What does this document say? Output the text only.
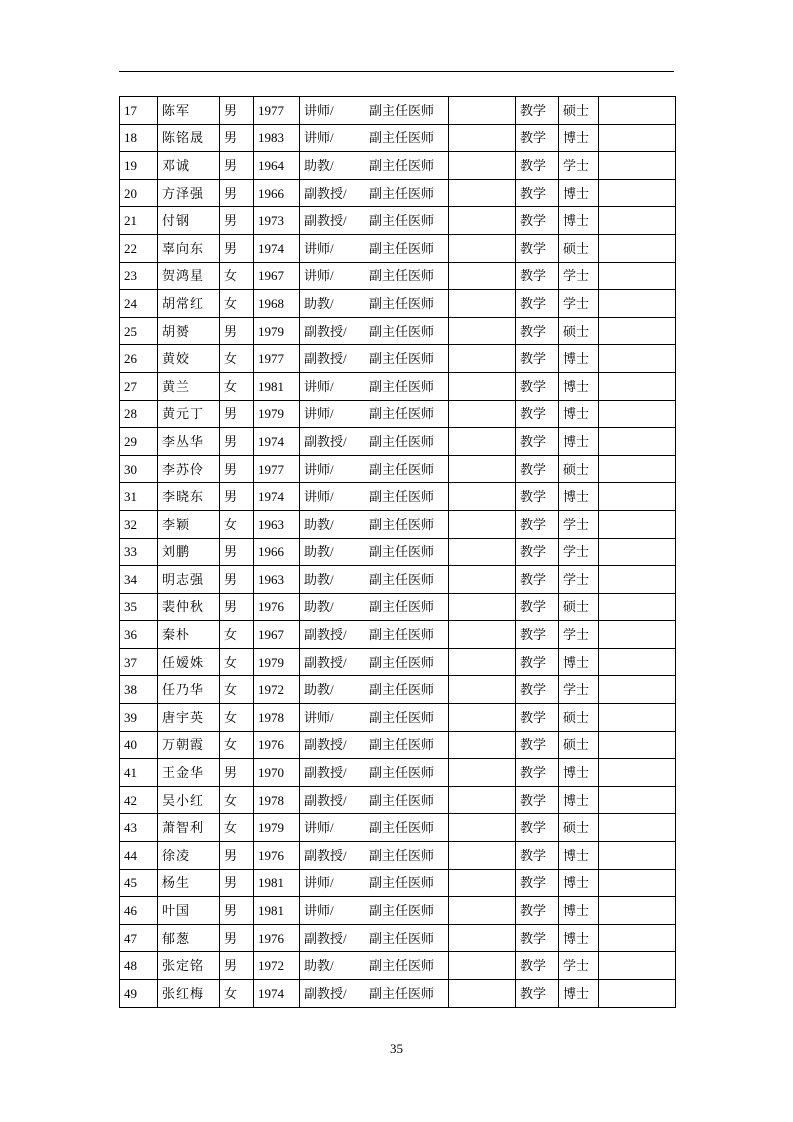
17	陈军	男	1977	讲师/ 副主任医师		教学	硕士	
18	陈铭晟	男	1983	讲师/ 副主任医师		教学	博士	
19	邓诚	男	1964	助教/ 副主任医师		教学	学士	
20	方泽强	男	1966	副教授/ 副主任医师		教学	博士	
21	付钢	男	1973	副教授/ 副主任医师		教学	博士	
22	辜向东	男	1974	讲师/ 副主任医师		教学	硕士	
23	贺鸿星	女	1967	讲师/ 副主任医师		教学	学士	
24	胡常红	女	1968	助教/ 副主任医师		教学	学士	
25	胡赟	男	1979	副教授/ 副主任医师		教学	硕士	
26	黄姣	女	1977	副教授/ 副主任医师		教学	博士	
27	黄兰	女	1981	讲师/ 副主任医师		教学	博士	
28	黄元丁	男	1979	讲师/ 副主任医师		教学	博士	
29	李丛华	男	1974	副教授/ 副主任医师		教学	博士	
30	李苏伶	男	1977	讲师/ 副主任医师		教学	硕士	
31	李晓东	男	1974	讲师/ 副主任医师		教学	博士	
32	李颖	女	1963	助教/ 副主任医师		教学	学士	
33	刘鹏	男	1966	助教/ 副主任医师		教学	学士	
34	明志强	男	1963	助教/ 副主任医师		教学	学士	
35	裴仲秋	男	1976	助教/ 副主任医师		教学	硕士	
36	秦朴	女	1967	副教授/ 副主任医师		教学	学士	
37	任嫒姝	女	1979	副教授/ 副主任医师		教学	博士	
38	任乃华	女	1972	助教/ 副主任医师		教学	学士	
39	唐宇英	女	1978	讲师/ 副主任医师		教学	硕士	
40	万朝霞	女	1976	副教授/ 副主任医师		教学	硕士	
41	王金华	男	1970	副教授/ 副主任医师		教学	博士	
42	吴小红	女	1978	副教授/ 副主任医师		教学	博士	
43	萧智利	女	1979	讲师/ 副主任医师		教学	硕士	
44	徐凌	男	1976	副教授/ 副主任医师		教学	博士	
45	杨生	男	1981	讲师/ 副主任医师		教学	博士	
46	叶国	男	1981	讲师/ 副主任医师		教学	博士	
47	郁葱	男	1976	副教授/ 副主任医师		教学	博士	
48	张定铭	男	1972	助教/ 副主任医师		教学	学士	
49	张红梅	女	1974	副教授/ 副主任医师		教学	博士	
35
